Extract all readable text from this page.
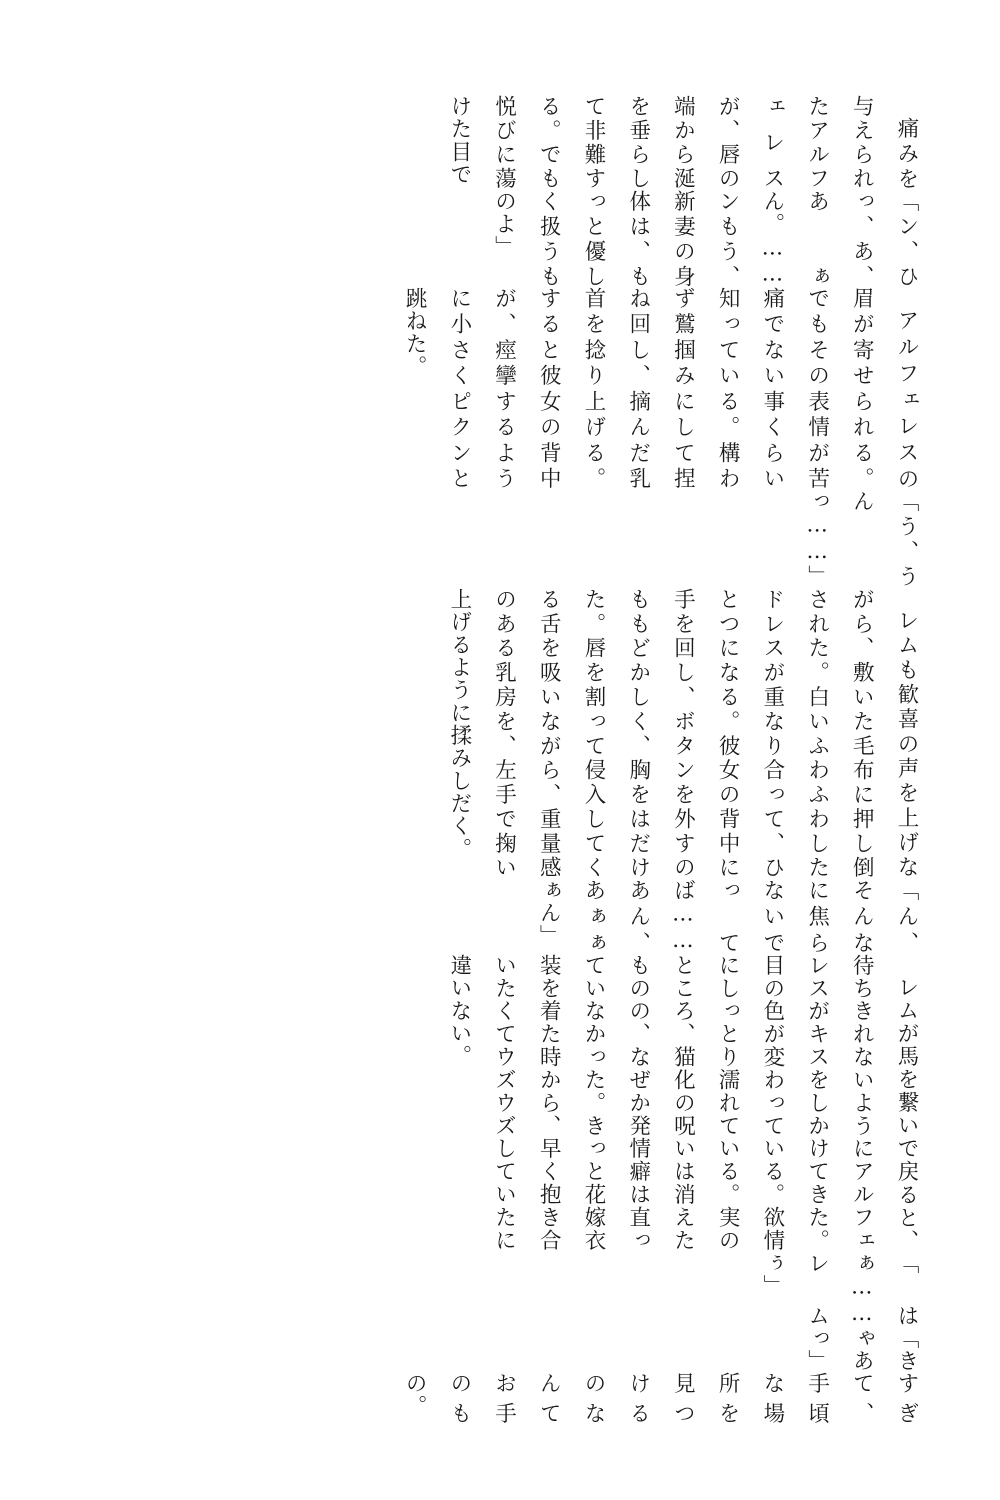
痛みを与えられたアルフェレスが、唇の端から涎を垂らして非難する。でも悦びに蕩けた目で

「ン、ひっ、あ、あぁん。……ンもう、新妻の身体は、もっと優しく扱うものよ」

アルフェレスの眉が寄せられる。でもその表情が苦痛でない事くらい知っている。構わず鷲掴みにして捏ね回し、摘んだ乳首を捻り上げる。すると彼女の背中が、痙攣するように小さくピクンと跳ねた。

「う、うんっ……」

レムも歓喜の声を上げながら、敷いた毛布に押し倒された。白いふわふわしたドレスが重なり合って、ひとつになる。彼女の背中に手を回し、ボタンを外すのももどかしく、胸をはだけた。唇を割って侵入してくる舌を吸いながら、重量感のある乳房を、左手で掬い上げるように揉みしだく。

「ん、そんなに焦らないでってば……あん、あぁぁぁん」

レムが馬を繋いで戻ると、待ちきれないようにアルフェレスがキスをしかけてきた。目の色が変わっている。欲情にしっとり濡れている。実のところ、猫化の呪いは消えたものの、なぜか発情癖は直っていなかった。きっと花嫁衣装を着た時から、早く抱き合いたくてウズウズしていたに違いない。

「はぁ……レムぅ」

「きゃあっ」

すぎて、手頃な場所を見つけるのなんてお手のもの。
